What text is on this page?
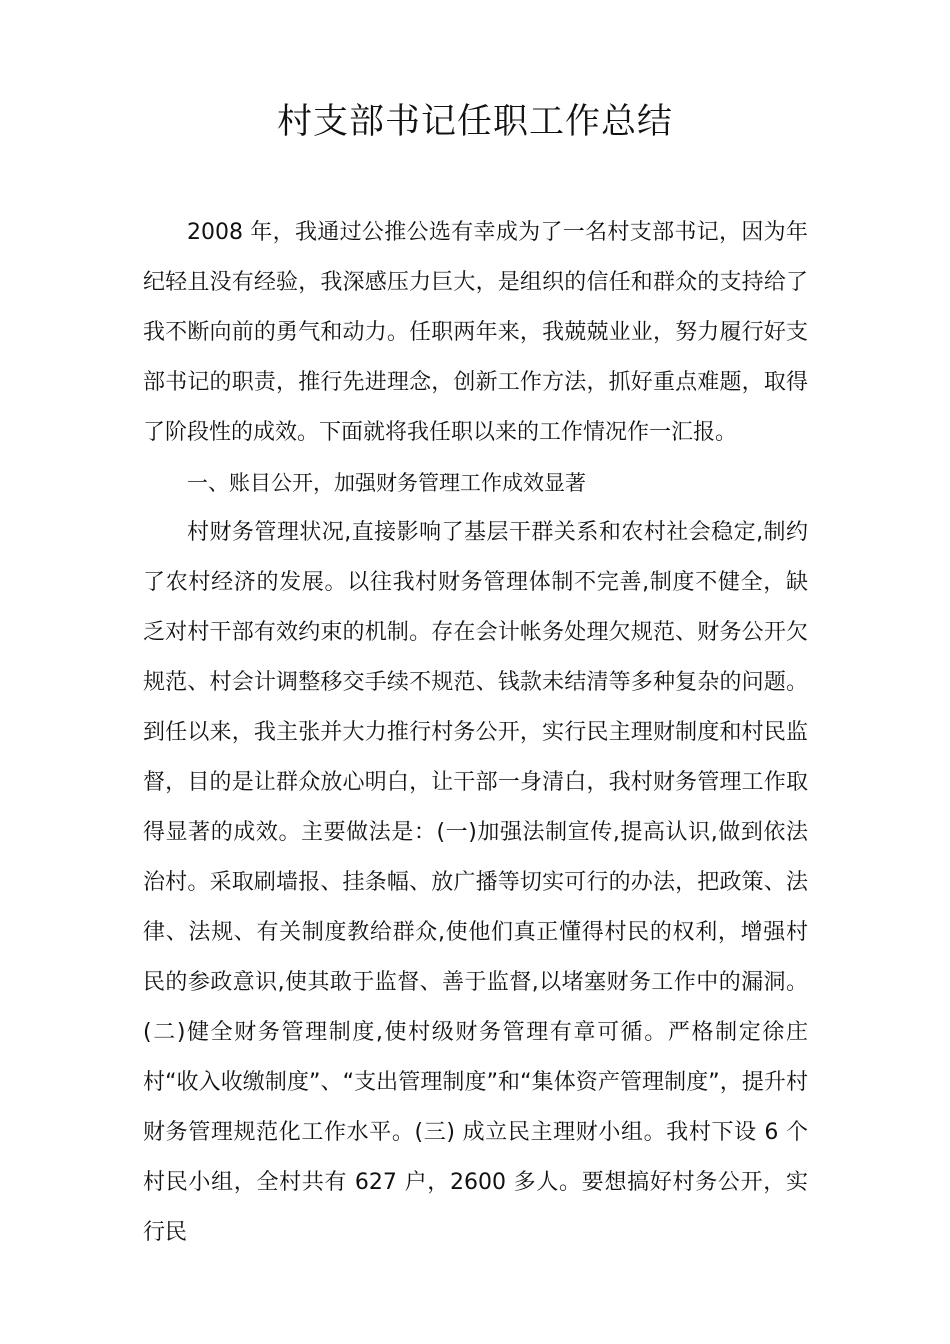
村支部书记任职工作总结

2008 年，我通过公推公选有幸成为了一名村支部书记，因为年纪轻且没有经验，我深感压力巨大，是组织的信任和群众的支持给了我不断向前的勇气和动力。任职两年来，我兢兢业业，努力履行好支部书记的职责，推行先进理念，创新工作方法，抓好重点难题，取得了阶段性的成效。下面就将我任职以来的工作情况作一汇报。

一、账目公开，加强财务管理工作成效显著

村财务管理状况,直接影响了基层干群关系和农村社会稳定,制约了农村经济的发展。以往我村财务管理体制不完善,制度不健全，缺乏对村干部有效约束的机制。存在会计帐务处理欠规范、财务公开欠规范、村会计调整移交手续不规范、钱款未结清等多种复杂的问题。到任以来，我主张并大力推行村务公开，实行民主理财制度和村民监督，目的是让群众放心明白，让干部一身清白，我村财务管理工作取得显著的成效。主要做法是：(一)加强法制宣传,提高认识,做到依法治村。采取刷墙报、挂条幅、放广播等切实可行的办法，把政策、法律、法规、有关制度教给群众,使他们真正懂得村民的权利，增强村民的参政意识,使其敢于监督、善于监督,以堵塞财务工作中的漏洞。 (二)健全财务管理制度,使村级财务管理有章可循。严格制定徐庄村“收入收缴制度”、“支出管理制度”和“集体资产管理制度”，提升村财务管理规范化工作水平。(三) 成立民主理财小组。我村下设 6 个村民小组，全村共有 627 户，2600 多人。要想搞好村务公开，实行民
